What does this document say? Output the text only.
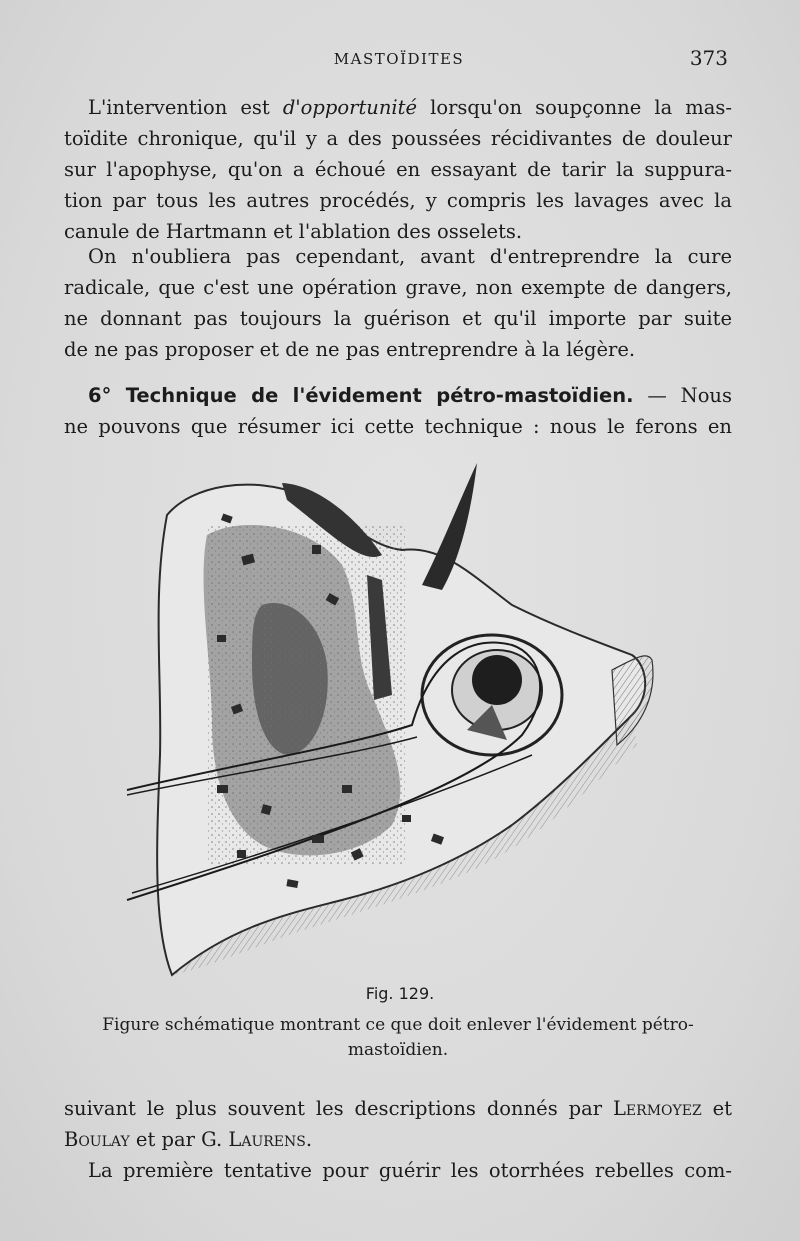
MASTOÏDITES	373

L'intervention est d'opportunité lorsqu'on soupçonne la mas-
toïdite chronique, qu'il y a des poussées récidivantes de douleur
sur l'apophyse, qu'on a échoué en essayant de tarir la suppura-
tion par tous les autres procédés, y compris les lavages avec la
canule de Hartmann et l'ablation des osselets.

On n'oubliera pas cependant, avant d'entreprendre la cure
radicale, que c'est une opération grave, non exempte de dangers,
ne donnant pas toujours la guérison et qu'il importe par suite
de ne pas proposer et de ne pas entreprendre à la légère.

6° Technique de l'évidement pétro-mastoïdien. — Nous
ne pouvons que résumer ici cette technique : nous le ferons en

Fig. 129.
Figure schématique montrant ce que doit enlever l'évidement pétro-
mastoïdien.

suivant le plus souvent les descriptions donnés par Lermoyez et
Boulay et par G. Laurens.

La première tentative pour guérir les otorrhées rebelles com-
